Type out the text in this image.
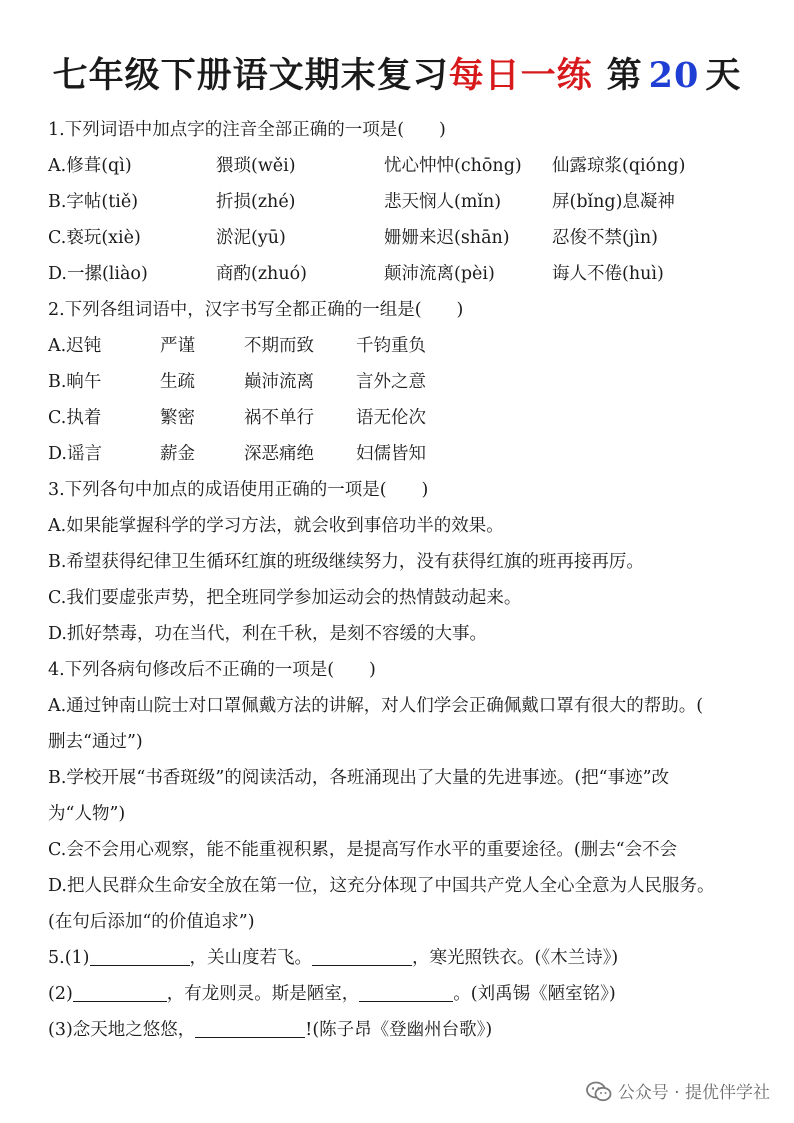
七年级下册语文期末复习每日一练 第 20 天
1.下列词语中加点字的注音全部正确的一项是(　　)
A.修葺(qì)	猥琐(wěi)	忧心忡忡(chōng) 仙露琼浆(qióng)
B.字帖(tiě)	折损(zhé)	悲天悯人(mǐn)	屏(bǐng)息凝神
C.亵玩(xiè)	淤泥(yū)	姗姗来迟(shān) 忍俊不禁(jìn)
D.一摞(liào)	商酌(zhuó)	颠沛流离(pèi)	诲人不倦(huì)
2.下列各组词语中，汉字书写全都正确的一组是(　　)
A.迟钝	严谨	不期而致 千钧重负
B.晌午	生疏	巅沛流离 言外之意
C.执着	繁密	祸不单行 语无伦次
D.谣言	薪金	深恶痛绝 妇儒皆知
3.下列各句中加点的成语使用正确的一项是(　　)
A.如果能掌握科学的学习方法，就会收到事倍功半的效果。
B.希望获得纪律卫生循环红旗的班级继续努力，没有获得红旗的班再接再厉。
C.我们要虚张声势，把全班同学参加运动会的热情鼓动起来。
D.抓好禁毒，功在当代，利在千秋，是刻不容缓的大事。
4.下列各病句修改后不正确的一项是(　　)
A.通过钟南山院士对口罩佩戴方法的讲解，对人们学会正确佩戴口罩有很大的帮助。(
删去“通过”)
B.学校开展“书香斑级”的阅读活动，各班涌现出了大量的先进事迹。(把“事迹”改
为“人物”)
C.会不会用心观察，能不能重视积累，是提高写作水平的重要途径。(删去“会不会
D.把人民群众生命安全放在第一位，这充分体现了中国共产党人全心全意为人民服务。
(在句后添加“的价值追求”)
5.(1)	，关山度若飞。	，寒光照铁衣。(《木兰诗》)
(2)	，有龙则灵。斯是陋室，	。(刘禹锡《陋室铭》)
(3)念天地之悠悠，	!(陈子昂《登幽州台歌》)
公众号 · 提优伴学社
